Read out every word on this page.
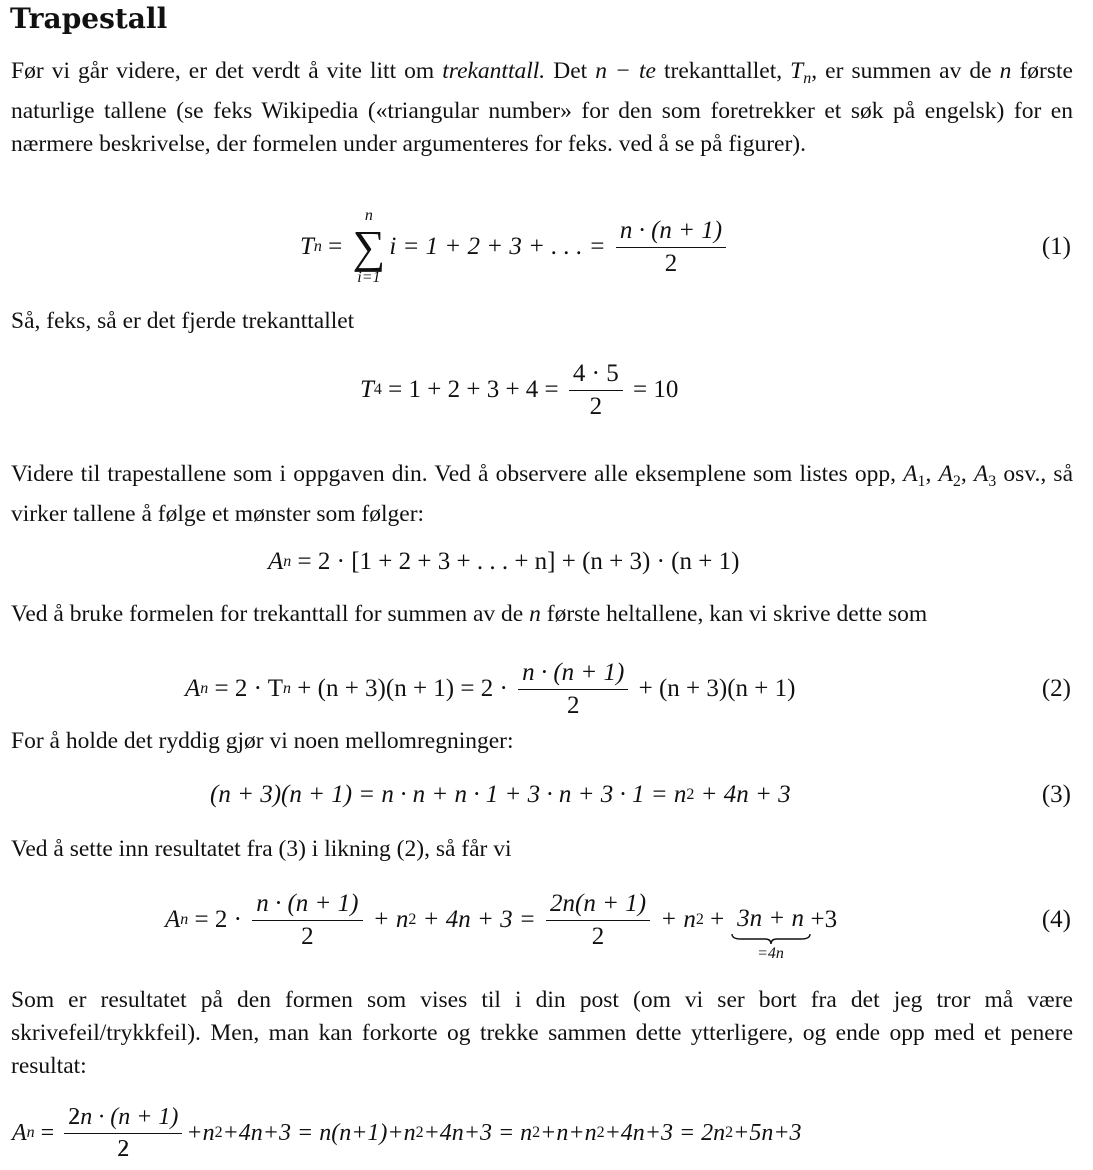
Trapestall

Før vi går videre, er det verdt å vite litt om trekanttall. Det n − te trekanttallet, $T_n$, er summen av de n første naturlige tallene (se feks Wikipedia («triangular number» for den som foretrekker et søk på engelsk) for en nærmere beskrivelse, der formelen under argumenteres for feks. ved å se på figurer).

T n =
n
∑
i=1
i = 1 + 2 + 3 + . . . = $\frac{n \cdot (n + 1)}{2}$	(1)

Så, feks, så er det fjerde trekanttallet

T $4 = 1 + 2 + 3 + 4 = \frac{4 \cdot 5}{2} = 10$

Videre til trapestallene som i oppgaven din. Ved å observere alle eksemplene som listes opp, $A_1$, $A_2$, $A_3$ osv., så virker tallene å følge et mønster som følger:

A n = 2 · [1 + 2 + 3 + . . . + n] + (n + 3) · (n + 1)

Ved å bruke formelen for trekanttall for summen av de n første heltallene, kan vi skrive dette som

A n = 2 · T $n + (n + 3)(n + 1) = 2 \cdot \frac{n \cdot (n + 1)}{2} + (n + 3)(n + 1)$	(2)

For å holde det ryddig gjør vi noen mellomregninger:

(n + 3)(n + 1) = n · n + n · 1 + 3 · n + 3 · 1 = n 2 + 4n + 3	(3)

Ved å sette inn resultatet fra (3) i likning (2), så får vi

A $n = 2 \cdot \frac{n \cdot (n + 1)}{2} + n$ $2 + 4n + 3 = \frac{2n(n + 1)}{2} + n$ 2 + 3n + n
=4n
+3	(4)

Som er resultatet på den formen som vises til i din post (om vi ser bort fra det jeg tror må være skrivefeil/trykkfeil). Men, man kan forkorte og trekke sammen dette ytterligere, og ende opp med et penere resultat:

A $n = \frac{2n \cdot (n + 1)}{2} +n$ 2 +4n+3 = n(n+1)+n 2 +4n+3 = n 2 +n+n 2 +4n+3 = 2n 2 +5n+3
